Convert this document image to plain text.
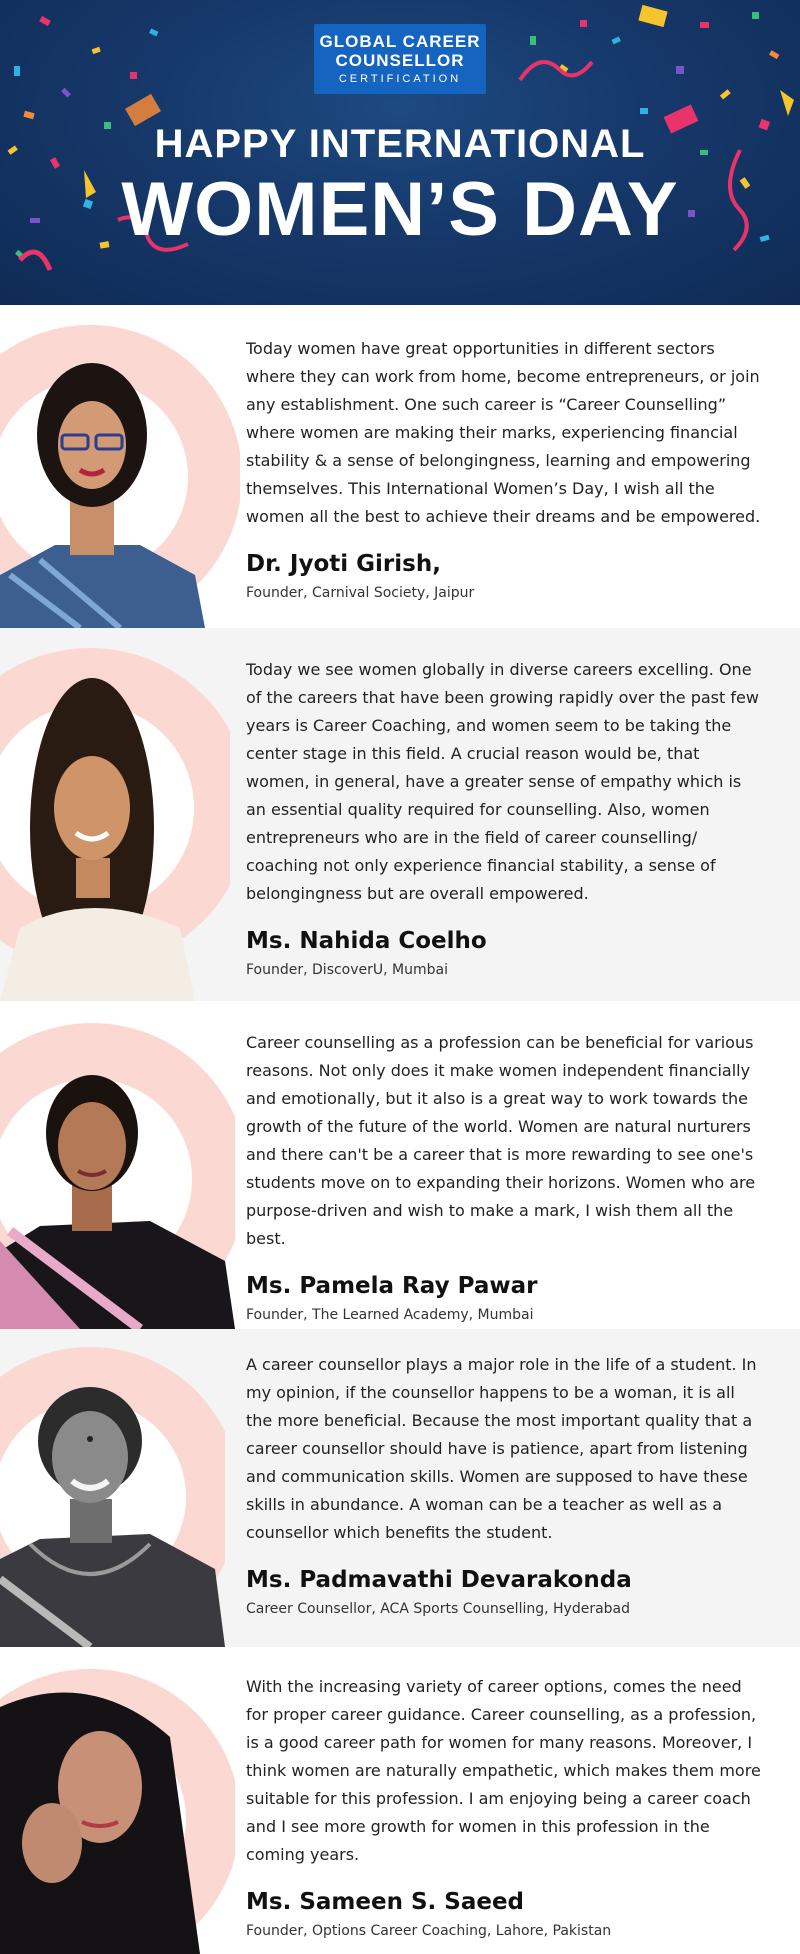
GLOBAL CAREER
COUNSELLOR
CERTIFICATION
HAPPY INTERNATIONAL
WOMEN’S DAY

Today women have great opportunities in different sectors where they can work from home, become entrepreneurs, or join any establishment. One such career is “Career Counselling” where women are making their marks, experiencing financial stability & a sense of belongingness, learning and empowering themselves. This International Women’s Day, I wish all the women all the best to achieve their dreams and be empowered.

Dr. Jyoti Girish,
Founder, Carnival Society, Jaipur

Today we see women globally in diverse careers excelling. One of the careers that have been growing rapidly over the past few years is Career Coaching, and women seem to be taking the center stage in this field. A crucial reason would be, that women, in general, have a greater sense of empathy which is an essential quality required for counselling. Also, women entrepreneurs who are in the field of career counselling/ coaching not only experience financial stability, a sense of belongingness but are overall empowered.

Ms. Nahida Coelho
Founder, DiscoverU, Mumbai

Career counselling as a profession can be beneficial for various reasons. Not only does it make women independent financially and emotionally, but it also is a great way to work towards the growth of the future of the world. Women are natural nurturers and there can't be a career that is more rewarding to see one's students move on to expanding their horizons. Women who are purpose-driven and wish to make a mark, I wish them all the best.

Ms. Pamela Ray Pawar
Founder, The Learned Academy, Mumbai

A career counsellor plays a major role in the life of a student. In my opinion, if the counsellor happens to be a woman, it is all the more beneficial. Because the most important quality that a career counsellor should have is patience, apart from listening and communication skills. Women are supposed to have these skills in abundance. A woman can be a teacher as well as a counsellor which benefits the student.

Ms. Padmavathi Devarakonda
Career Counsellor, ACA Sports Counselling, Hyderabad

With the increasing variety of career options, comes the need for proper career guidance. Career counselling, as a profession, is a good career path for women for many reasons. Moreover, I think women are naturally empathetic, which makes them more suitable for this profession. I am enjoying being a career coach and I see more growth for women in this profession in the coming years.

Ms. Sameen S. Saeed
Founder, Options Career Coaching, Lahore, Pakistan
